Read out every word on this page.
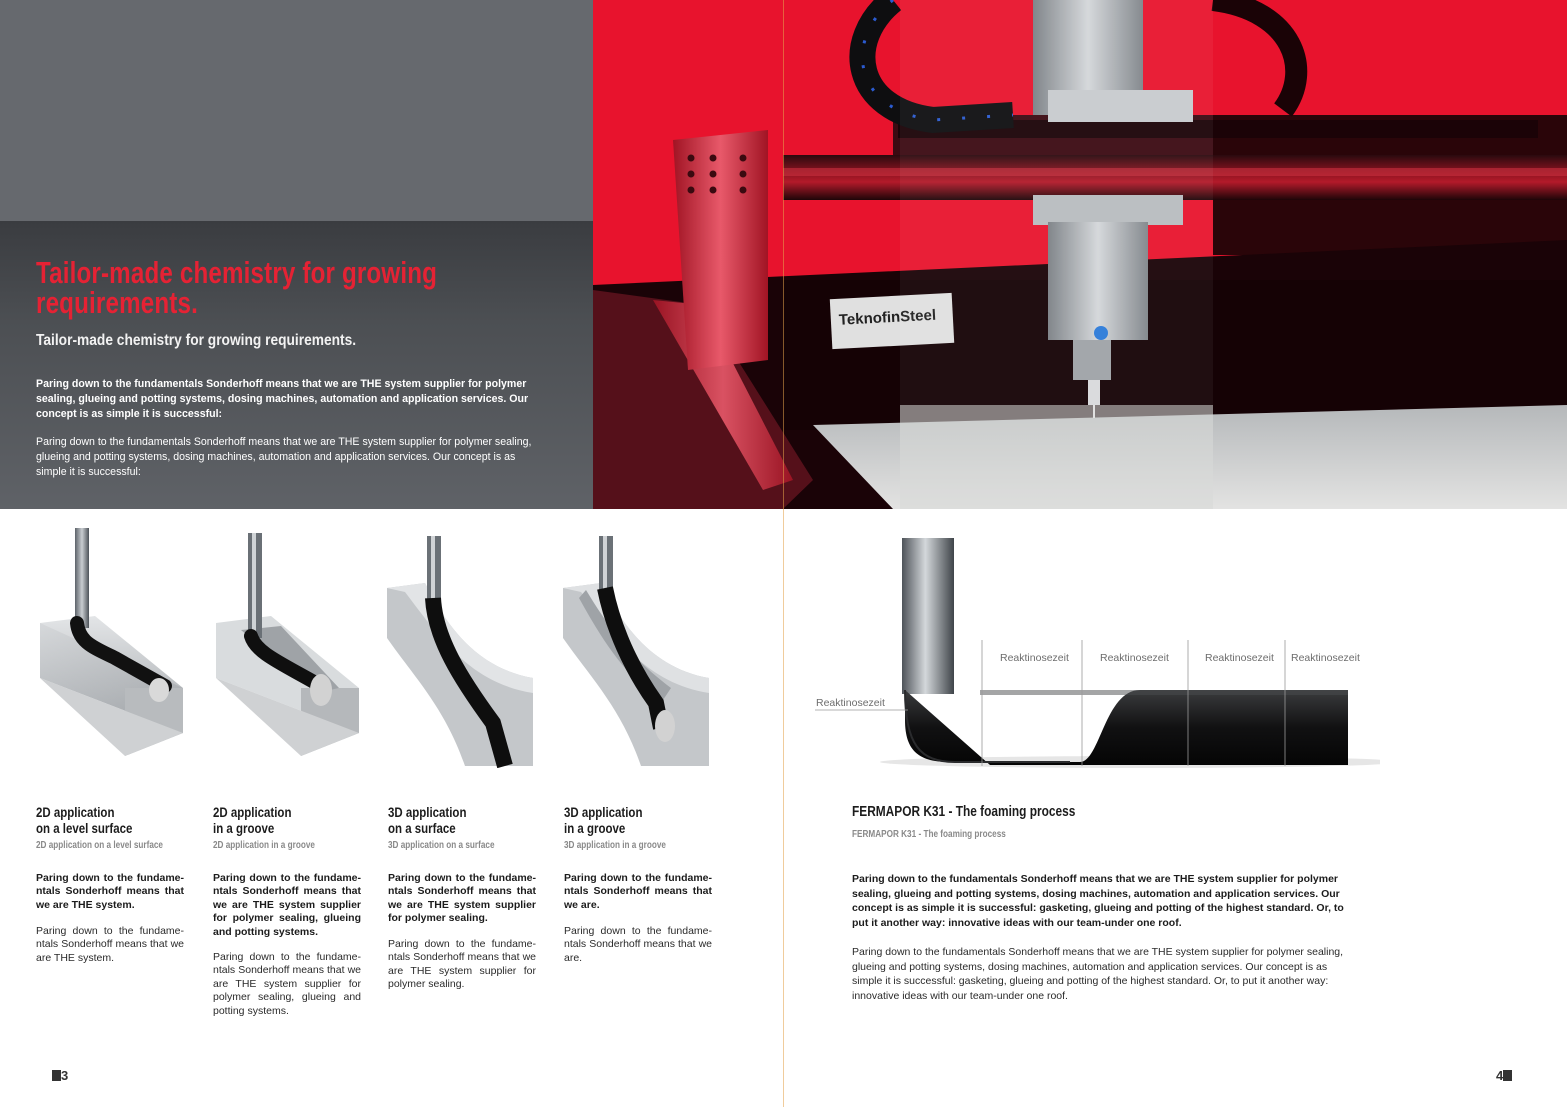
Tailor-made chemistry for growing requirements.
Tailor-made chemistry for growing requirements.
Paring down to the fundamentals Sonderhoff means that we are THE system supplier for polymer sealing, glueing and potting systems, dosing machines, automation and application services. Our concept is as simple it is successful:
Paring down to the fundamentals Sonderhoff means that we are THE system supplier for polymer sealing, glueing and potting systems, dosing machines, automation and application services. Our concept is as simple it is successful:
TeknofinSteel
2D application
on a level surface
2D application on a level surface
Paring down to the fundame-ntals Sonderhoff means that we are THE system.
Paring down to the fundame-ntals Sonderhoff means that we are THE system.
2D application
in a groove
2D application in a groove
Paring down to the fundame-ntals Sonderhoff means that we are THE system supplier for polymer sealing, glueing and potting systems.
Paring down to the fundame-ntals Sonderhoff means that we are THE system supplier for polymer sealing, glueing and potting systems.
3D application
on a surface
3D application on a surface
Paring down to the fundame-ntals Sonderhoff means that we are THE system supplier for polymer sealing.
Paring down to the fundame-ntals Sonderhoff means that we are THE system supplier for polymer sealing.
3D application
in a groove
3D application in a groove
Paring down to the fundame-ntals Sonderhoff means that we are.
Paring down to the fundame-ntals Sonderhoff means that we are.
Reaktinosezeit	Reaktinosezeit	Reaktinosezeit Reaktinosezeit
Reaktinosezeit
FERMAPOR K31 - The foaming process
FERMAPOR K31 - The foaming process
Paring down to the fundamentals Sonderhoff means that we are THE system supplier for polymer sealing, glueing and potting systems, dosing machines, automation and application services. Our concept is as simple it is successful: gasketing, glueing and potting of the highest standard. Or, to put it another way: innovative ideas with our team-under one roof.
Paring down to the fundamentals Sonderhoff means that we are THE system supplier for polymer sealing, glueing and potting systems, dosing machines, automation and application services. Our concept is as simple it is successful: gasketing, glueing and potting of the highest standard. Or, to put it another way: innovative ideas with our team-under one roof.
3	4
